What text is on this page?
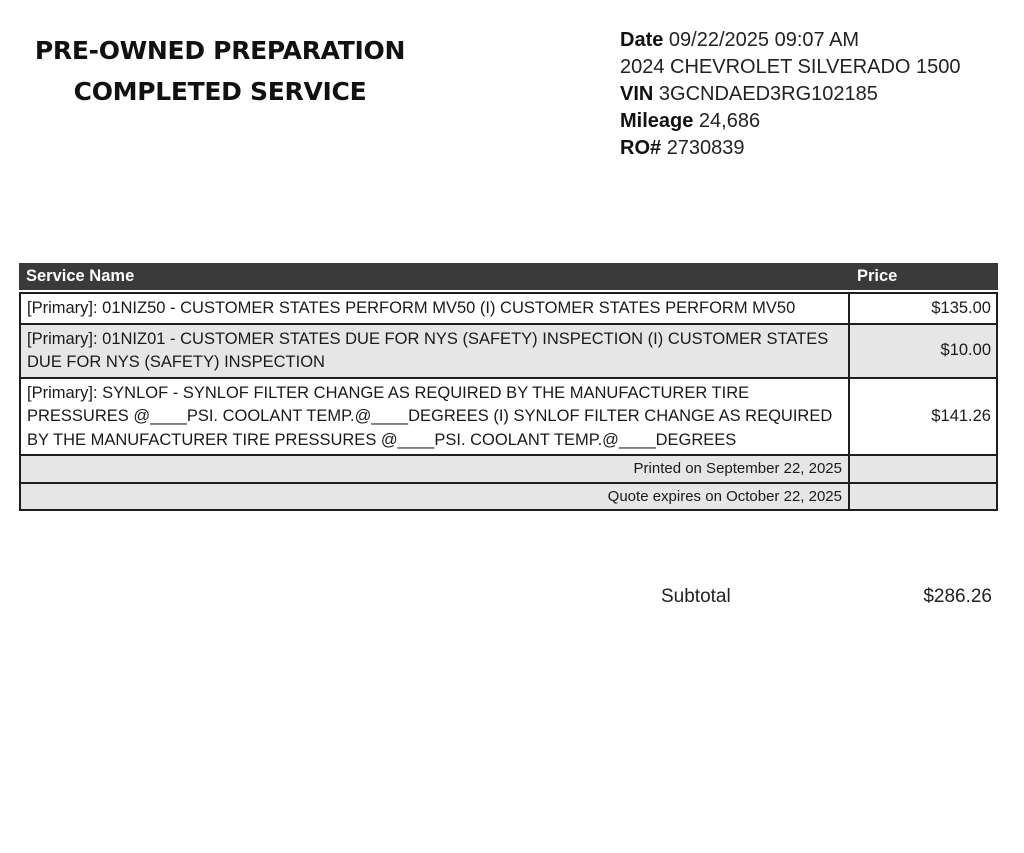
PRE-OWNED PREPARATION
COMPLETED SERVICE
Date 09/22/2025 09:07 AM
2024 CHEVROLET SILVERADO 1500
VIN 3GCNDAED3RG102185
Mileage 24,686
RO# 2730839
Service Name	Price
[Primary]: 01NIZ50 - CUSTOMER STATES PERFORM MV50 (I) CUSTOMER STATES PERFORM MV50	$135.00
[Primary]: 01NIZ01 - CUSTOMER STATES DUE FOR NYS (SAFETY) INSPECTION (I) CUSTOMER STATES DUE FOR NYS (SAFETY) INSPECTION	$10.00
[Primary]: SYNLOF - SYNLOF FILTER CHANGE AS REQUIRED BY THE MANUFACTURER TIRE PRESSURES @____PSI. COOLANT TEMP.@____DEGREES (I) SYNLOF FILTER CHANGE AS REQUIRED BY THE MANUFACTURER TIRE PRESSURES @____PSI. COOLANT TEMP.@____DEGREES	$141.26
Printed on September 22, 2025	
Quote expires on October 22, 2025	
Subtotal	$286.26
